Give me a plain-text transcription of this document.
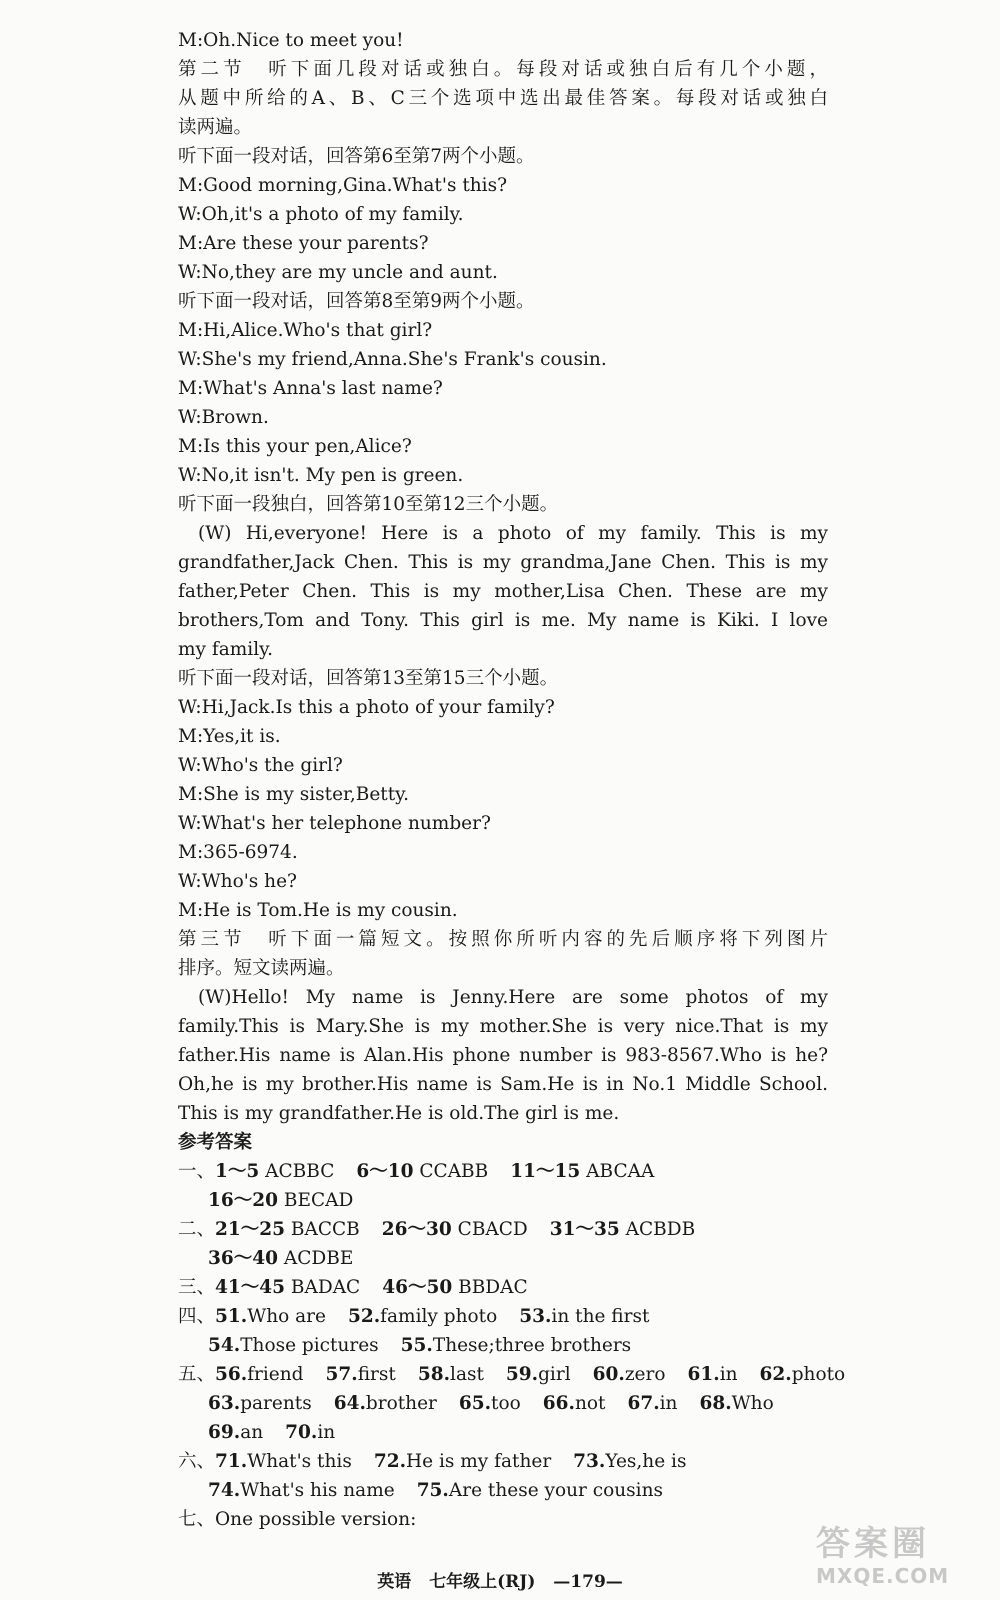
M:Oh.Nice to meet you!
第二节　听下面几段对话或独白。每段对话或独白后有几个小题，
从题中所给的A、B、C三个选项中选出最佳答案。每段对话或独白
读两遍。
听下面一段对话，回答第6至第7两个小题。
M:Good morning,Gina.What's this?
W:Oh,it's a photo of my family.
M:Are these your parents?
W:No,they are my uncle and aunt.
听下面一段对话，回答第8至第9两个小题。
M:Hi,Alice.Who's that girl?
W:She's my friend,Anna.She's Frank's cousin.
M:What's Anna's last name?
W:Brown.
M:Is this your pen,Alice?
W:No,it isn't. My pen is green.
听下面一段独白，回答第10至第12三个小题。
(W) Hi,everyone! Here is a photo of my family. This is my
grandfather,Jack Chen. This is my grandma,Jane Chen. This is my
father,Peter Chen. This is my mother,Lisa Chen. These are my
brothers,Tom and Tony. This girl is me. My name is Kiki. I love
my family.
听下面一段对话，回答第13至第15三个小题。
W:Hi,Jack.Is this a photo of your family?
M:Yes,it is.
W:Who's the girl?
M:She is my sister,Betty.
W:What's her telephone number?
M:365-6974.
W:Who's he?
M:He is Tom.He is my cousin.
第三节　听下面一篇短文。按照你所听内容的先后顺序将下列图片
排序。短文读两遍。
(W)Hello! My name is Jenny.Here are some photos of my
family.This is Mary.She is my mother.She is very nice.That is my
father.His name is Alan.His phone number is 983-8567.Who is he?
Oh,he is my brother.His name is Sam.He is in No.1 Middle School.
This is my grandfather.He is old.The girl is me.
参考答案
一、1～5 ACBBC 6～10 CCABB 11～15 ABCAA
16～20 BECAD
二、21～25 BACCB 26～30 CBACD 31～35 ACBDB
36～40 ACDBE
三、41～45 BADAC 46～50 BBDAC
四、51.Who are 52.family photo 53.in the first
54.Those pictures 55.These;three brothers
五、56.friend 57.first 58.last 59.girl 60.zero 61.in 62.photo
63.parents 64.brother 65.too 66.not 67.in 68.Who
69.an 70.in
六、71.What's this 72.He is my father 73.Yes,he is
74.What's his name 75.Are these your cousins
七、One possible version:
英语 七年级上(RJ) —179—
答案圈
MXQE.COM
